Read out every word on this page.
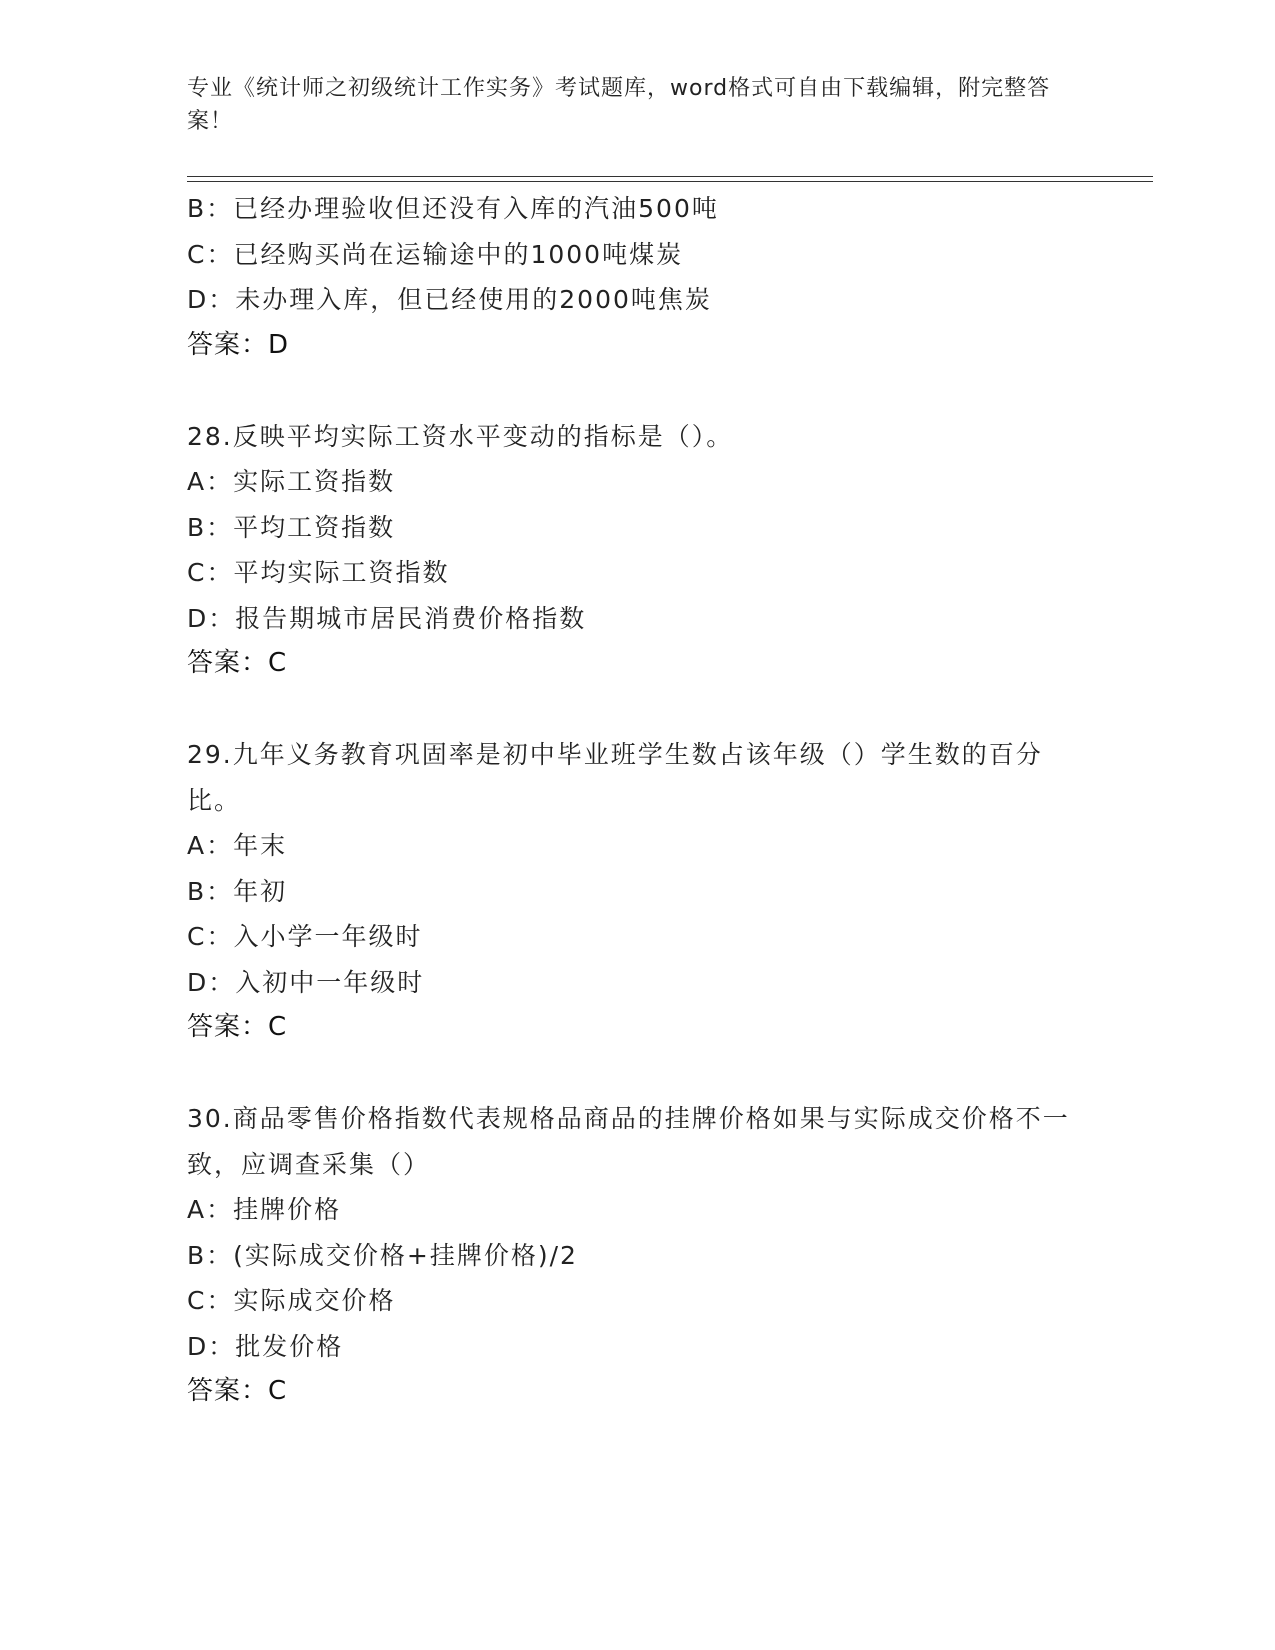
专业《统计师之初级统计工作实务》考试题库，word格式可自由下载编辑，附完整答案！
B：已经办理验收但还没有入库的汽油500吨
C：已经购买尚在运输途中的1000吨煤炭
D：未办理入库，但已经使用的2000吨焦炭
答案：D
28.反映平均实际工资水平变动的指标是（）。
A：实际工资指数
B：平均工资指数
C：平均实际工资指数
D：报告期城市居民消费价格指数
答案：C
29.九年义务教育巩固率是初中毕业班学生数占该年级（）学生数的百分比。
A：年末
B：年初
C：入小学一年级时
D：入初中一年级时
答案：C
30.商品零售价格指数代表规格品商品的挂牌价格如果与实际成交价格不一致，应调查采集（）
A：挂牌价格
B：(实际成交价格+挂牌价格)/2
C：实际成交价格
D：批发价格
答案：C
